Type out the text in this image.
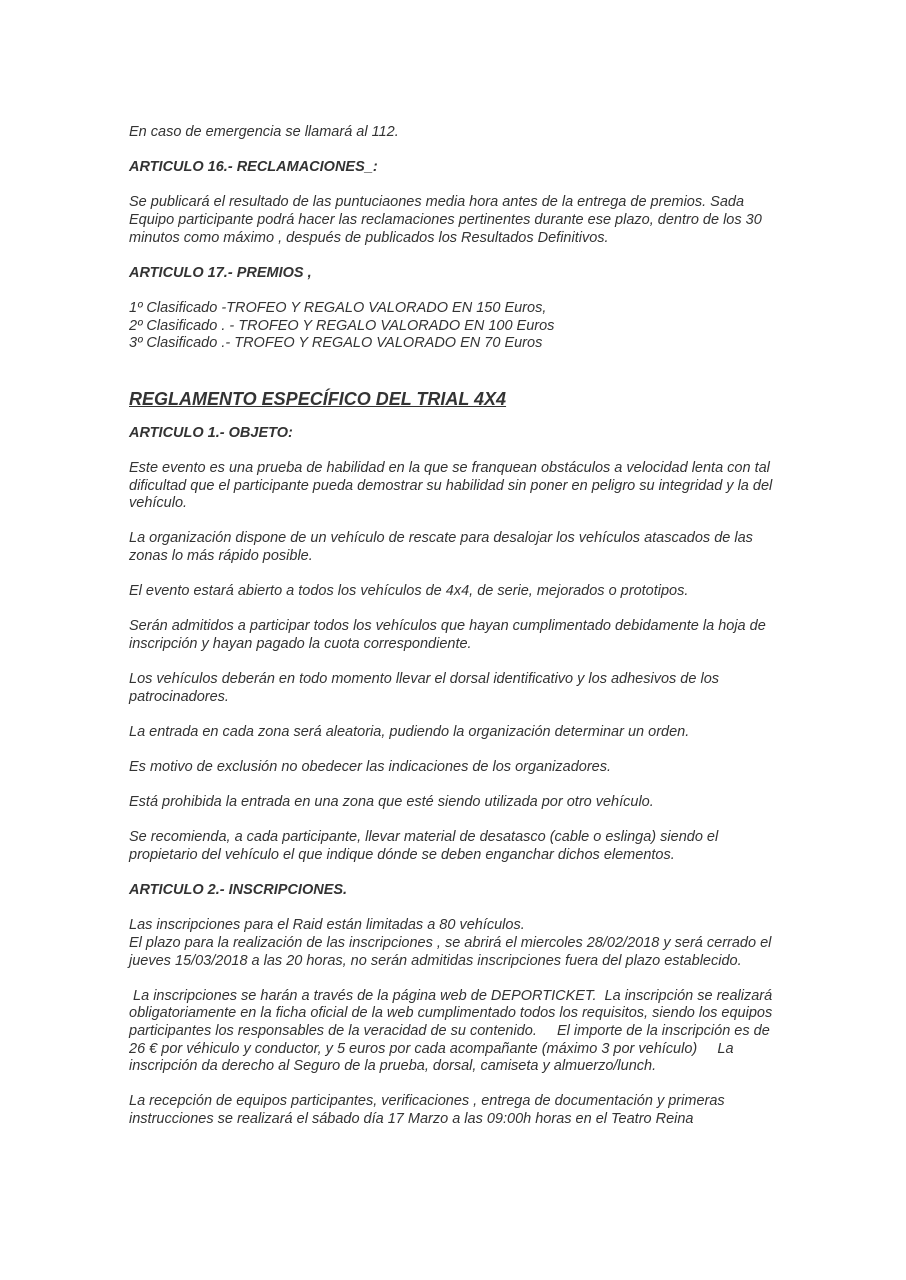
En caso de emergencia se llamará al 112.

ARTICULO 16.- RECLAMACIONES_:

Se publicará el resultado de las puntuciaones media hora antes de la entrega de premios. Sada Equipo participante podrá hacer las reclamaciones pertinentes durante ese plazo, dentro de los 30 minutos como máximo , después de publicados los Resultados Definitivos.

ARTICULO 17.- PREMIOS ,

1º Clasificado -TROFEO Y REGALO VALORADO EN 150 Euros,
2º Clasificado . - TROFEO Y REGALO VALORADO EN 100 Euros
3º Clasificado .- TROFEO Y REGALO VALORADO EN 70 Euros

REGLAMENTO ESPECÍFICO DEL TRIAL 4X4

ARTICULO 1.- OBJETO:

Este evento es una prueba de habilidad en la que se franquean obstáculos a velocidad lenta con tal dificultad que el participante pueda demostrar su habilidad sin poner en peligro su integridad y la del vehículo.

La organización dispone de un vehículo de rescate para desalojar los vehículos atascados de las zonas lo más rápido posible.

El evento estará abierto a todos los vehículos de 4x4, de serie, mejorados o prototipos.

Serán admitidos a participar todos los vehículos que hayan cumplimentado debidamente la hoja de inscripción y hayan pagado la cuota correspondiente.

Los vehículos deberán en todo momento llevar el dorsal identificativo y los adhesivos de los patrocinadores.

La entrada en cada zona será aleatoria, pudiendo la organización determinar un orden.

Es motivo de exclusión no obedecer las indicaciones de los organizadores.

Está prohibida la entrada en una zona que esté siendo utilizada por otro vehículo.

Se recomienda, a cada participante, llevar material de desatasco (cable o eslinga) siendo el propietario del vehículo el que indique dónde se deben enganchar dichos elementos.

ARTICULO 2.- INSCRIPCIONES.

Las inscripciones para el Raid están limitadas a 80 vehículos.
El plazo para la realización de las inscripciones , se abrirá el miercoles 28/02/2018 y será cerrado el jueves 15/03/2018 a las 20 horas, no serán admitidas inscripciones fuera del plazo establecido.

La inscripciones se harán a través de la página web de DEPORTICKET.  La inscripción se realizará obligatoriamente en la ficha oficial de la web cumplimentado todos los requisitos, siendo los equipos participantes los responsables de la veracidad de su contenido.     El importe de la inscripción es de 26 € por véhiculo y conductor, y 5 euros por cada acompañante (máximo 3 por vehículo)     La inscripción da derecho al Seguro de la prueba, dorsal, camiseta y almuerzo/lunch.

La recepción de equipos participantes, verificaciones , entrega de documentación y primeras instrucciones se realizará el sábado día 17 Marzo a las 09:00h horas en el Teatro Reina
